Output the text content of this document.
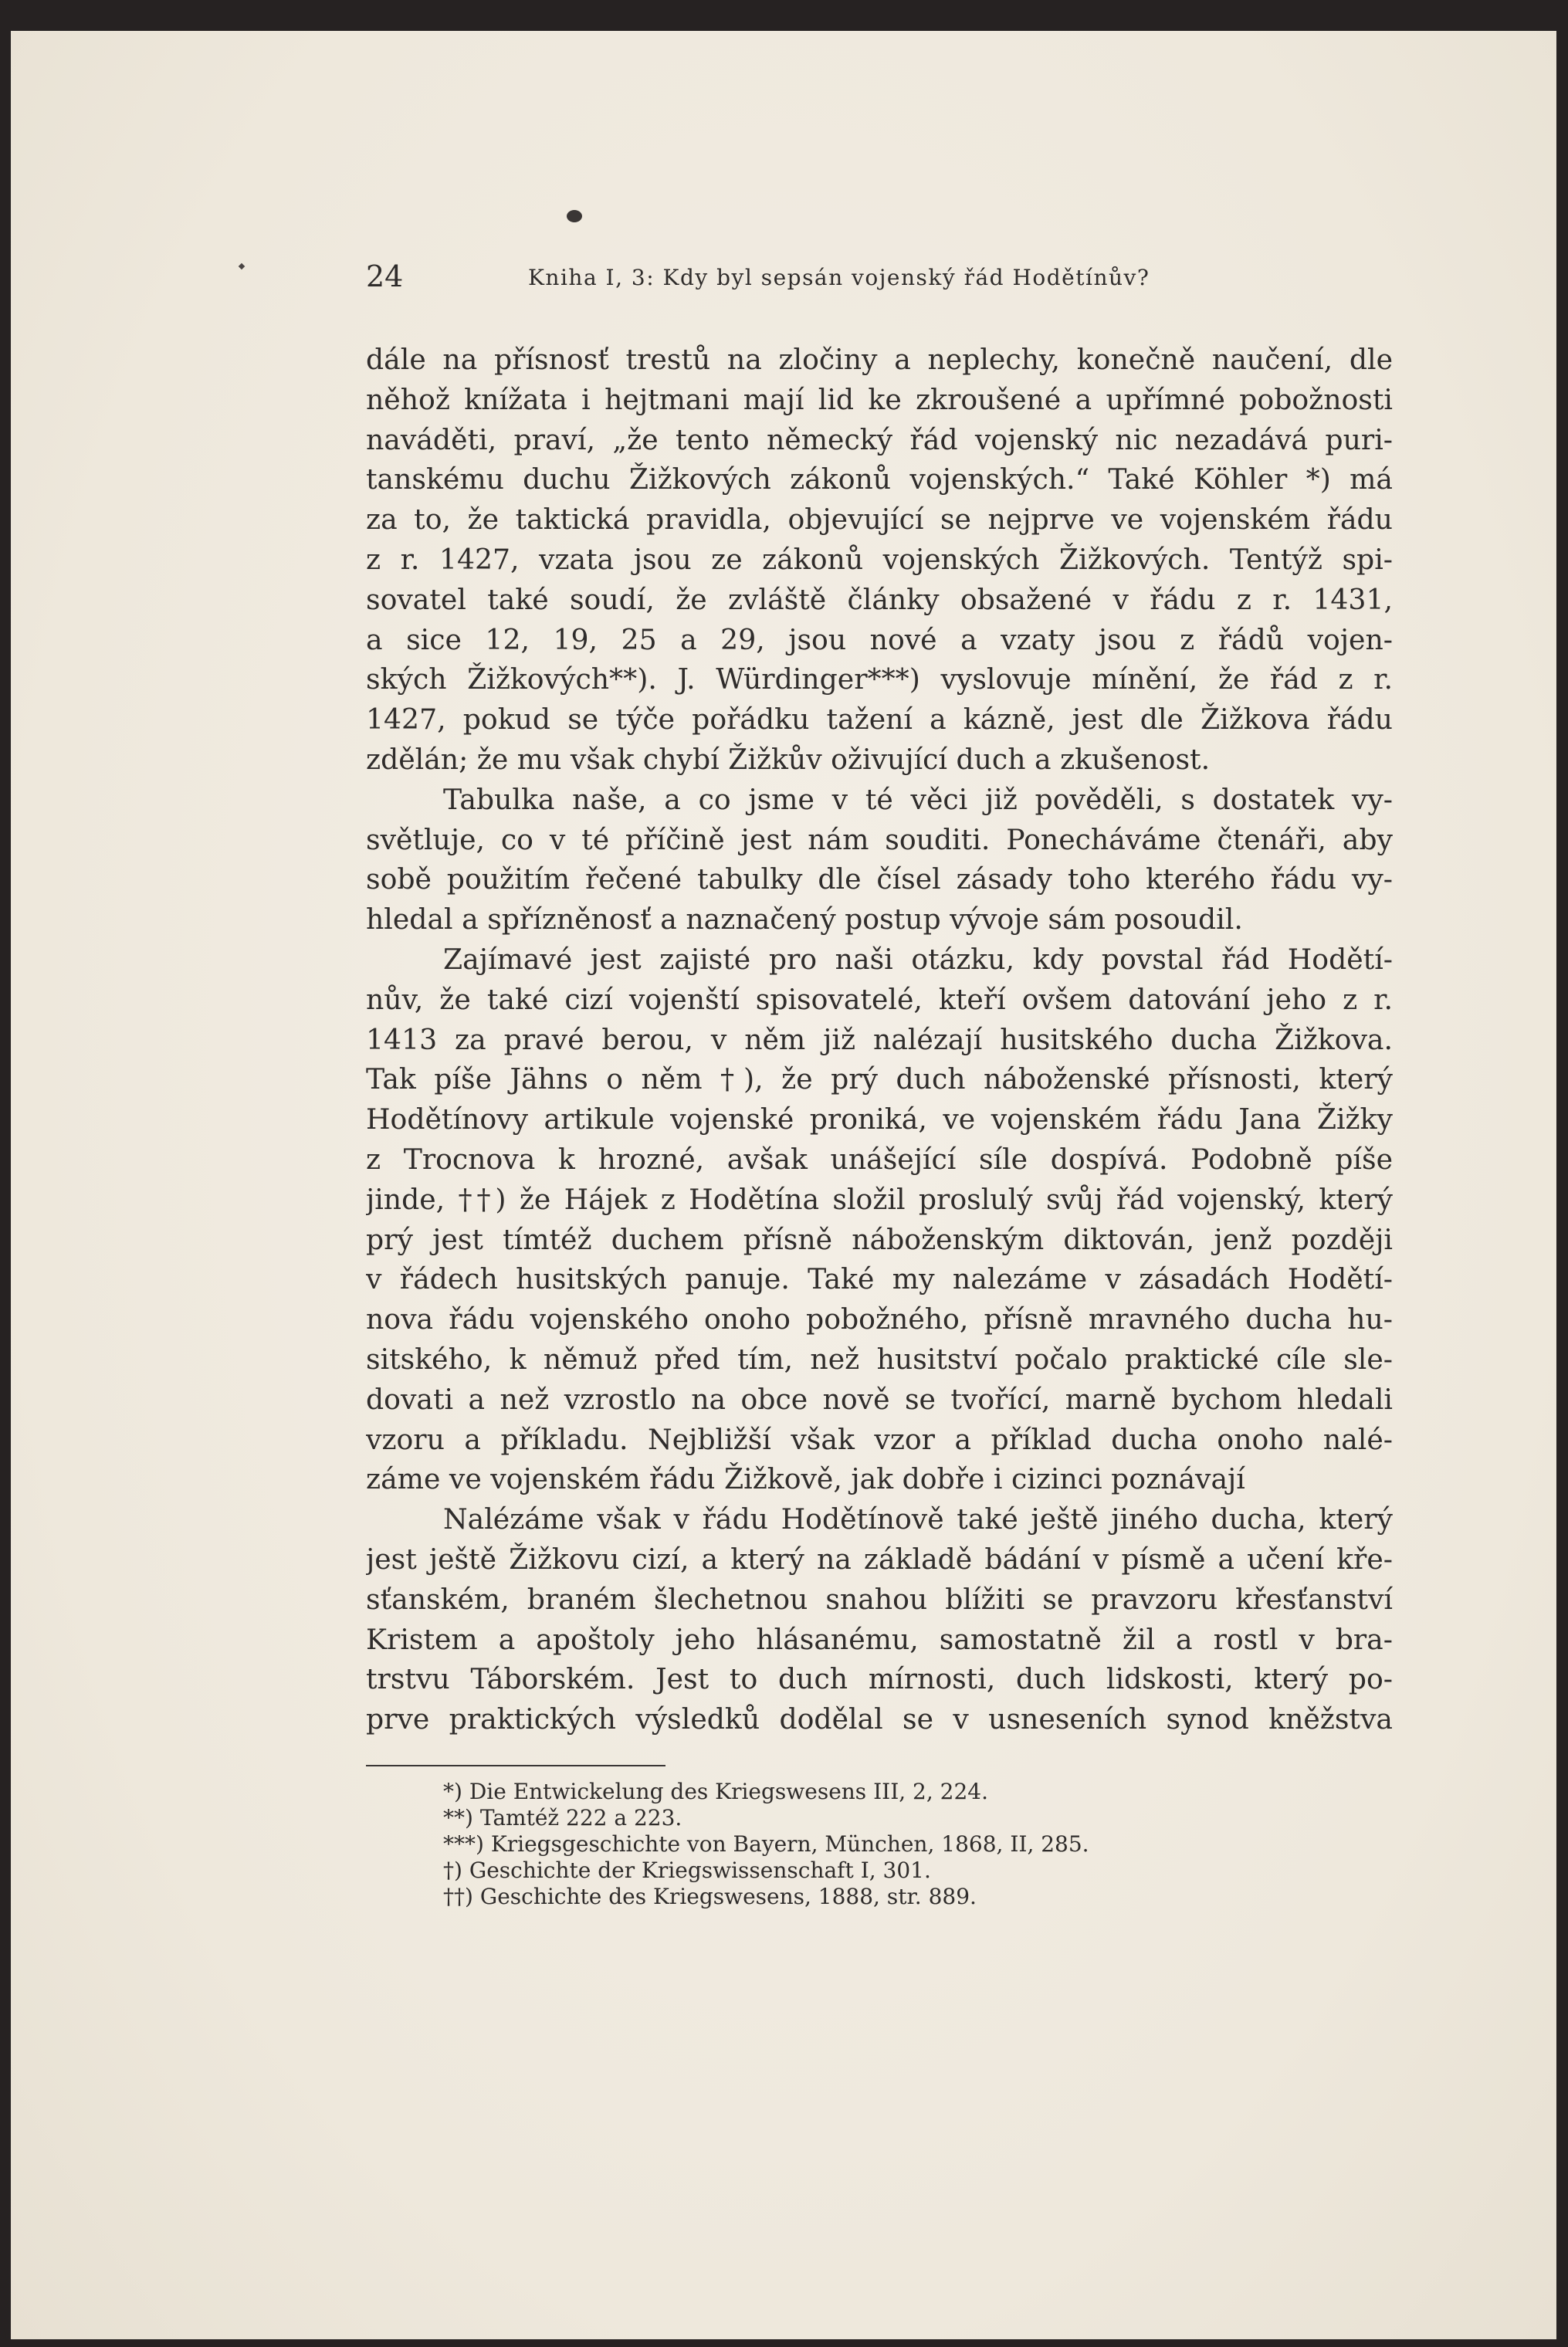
24	Kniha I, 3: Kdy byl sepsán vojenský řád Hodětínův?
dále na přísnosť trestů na zločiny a neplechy, konečně naučení, dle
něhož knížata i hejtmani mají lid ke zkroušené a upřímné pobožnosti
naváděti, praví, „že tento německý řád vojenský nic nezadává puri-
tanskému duchu Žižkových zákonů vojenských.“ Také Köhler *) má
za to, že taktická pravidla, objevující se nejprve ve vojenském řádu
z r. 1427, vzata jsou ze zákonů vojenských Žižkových. Tentýž spi-
sovatel také soudí, že zvláště články obsažené v řádu z r. 1431,
a sice 12, 19, 25 a 29, jsou nové a vzaty jsou z řádů vojen-
ských Žižkových**). J. Würdinger***) vyslovuje mínění, že řád z r.
1427, pokud se týče pořádku tažení a kázně, jest dle Žižkova řádu
zdělán; že mu však chybí Žižkův oživující duch a zkušenost.
Tabulka naše, a co jsme v té věci již pověděli, s dostatek vy-
světluje, co v té příčině jest nám souditi. Ponecháváme čtenáři, aby
sobě použitím řečené tabulky dle čísel zásady toho kterého řádu vy-
hledal a spřízněnosť a naznačený postup vývoje sám posoudil.
Zajímavé jest zajisté pro naši otázku, kdy povstal řád Hodětí-
nův, že také cizí vojenští spisovatelé, kteří ovšem datování jeho z r.
1413 za pravé berou, v něm již nalézají husitského ducha Žižkova.
Tak píše Jähns o něm †), že prý duch náboženské přísnosti, který
Hodětínovy artikule vojenské proniká, ve vojenském řádu Jana Žižky
z Trocnova k hrozné, avšak unášející síle dospívá. Podobně píše
jinde, ††) že Hájek z Hodětína složil proslulý svůj řád vojenský, který
prý jest tímtéž duchem přísně náboženským diktován, jenž později
v řádech husitských panuje. Také my nalezáme v zásadách Hodětí-
nova řádu vojenského onoho pobožného, přísně mravného ducha hu-
sitského, k němuž před tím, než husitství počalo praktické cíle sle-
dovati a než vzrostlo na obce nově se tvořící, marně bychom hledali
vzoru a příkladu. Nejbližší však vzor a příklad ducha onoho nalé-
záme ve vojenském řádu Žižkově, jak dobře i cizinci poznávají
Nalézáme však v řádu Hodětínově také ještě jiného ducha, který
jest ještě Žižkovu cizí, a který na základě bádání v písmě a učení kře-
sťanském, braném šlechetnou snahou blížiti se pravzoru křesťanství
Kristem a apoštoly jeho hlásanému, samostatně žil a rostl v bra-
trstvu Táborském. Jest to duch mírnosti, duch lidskosti, který po-
prve praktických výsledků dodělal se v usneseních synod kněžstva
*) Die Entwickelung des Kriegswesens III, 2, 224.
**) Tamtéž 222 a 223.
***) Kriegsgeschichte von Bayern, München, 1868, II, 285.
†) Geschichte der Kriegswissenschaft I, 301.
††) Geschichte des Kriegswesens, 1888, str. 889.
